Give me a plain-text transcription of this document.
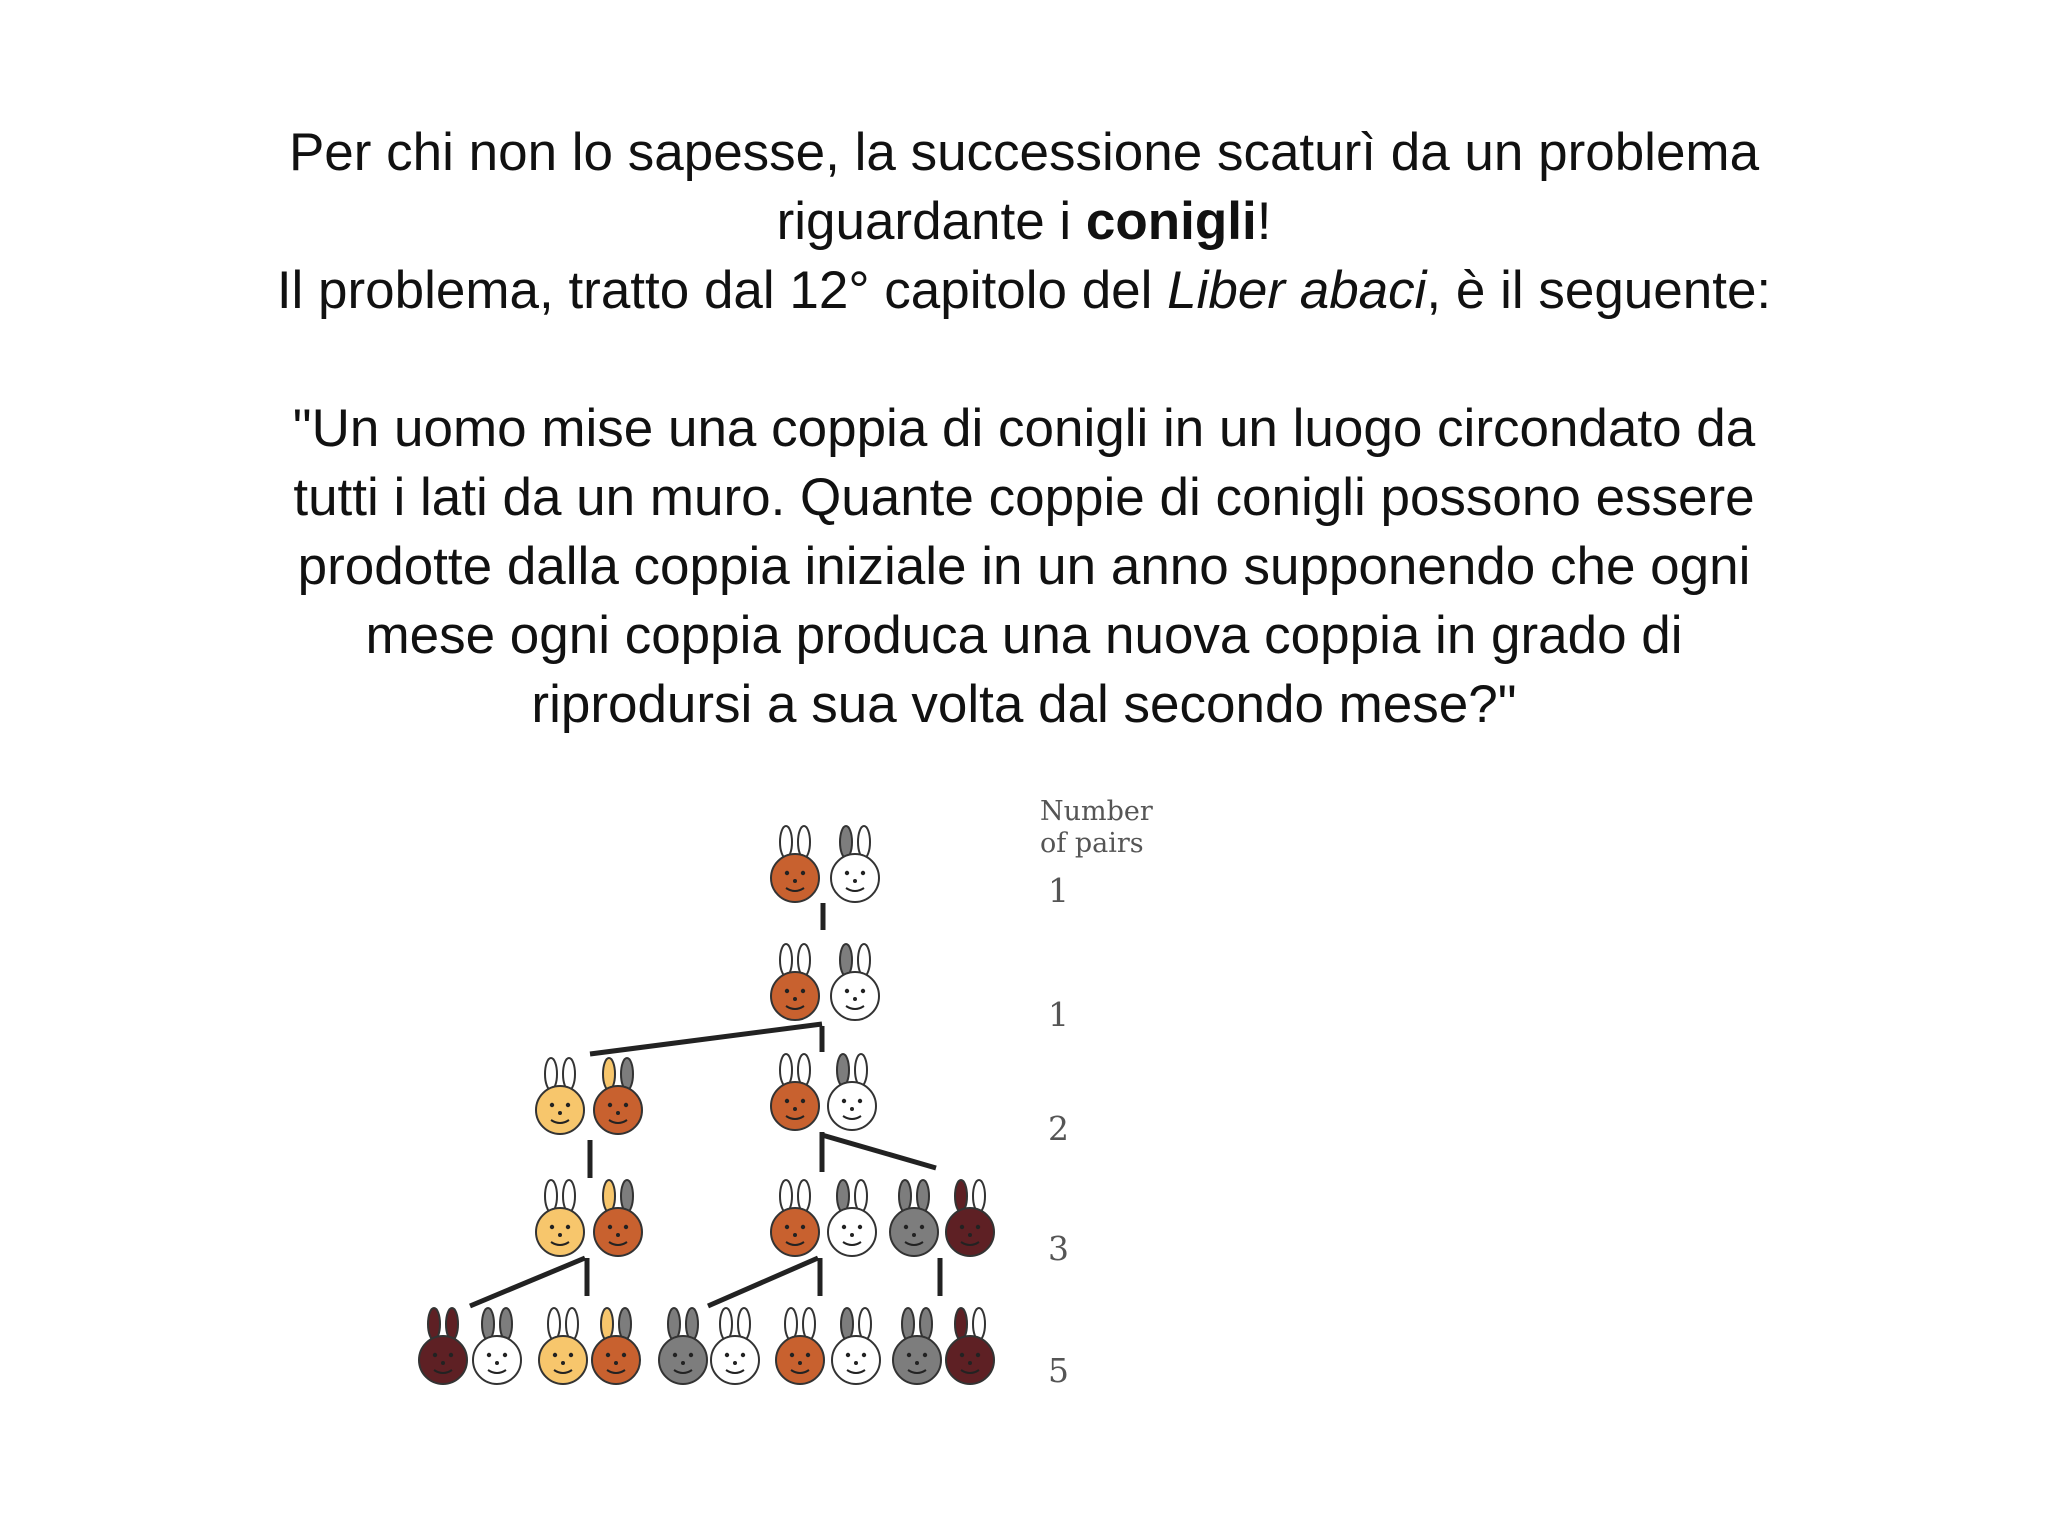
Per chi non lo sapesse, la successione scaturì da un problema

riguardante i conigli!

Il problema, tratto dal 12° capitolo del Liber abaci, è il seguente:

"Un uomo mise una coppia di conigli in un luogo circondato da

tutti i lati da un muro. Quante coppie di conigli possono essere

prodotte dalla coppia iniziale in un anno supponendo che ogni

mese ogni coppia produca una nuova coppia in grado di

riprodursi a sua volta dal secondo mese?"

Number
of pairs
1
1
2
3
5
